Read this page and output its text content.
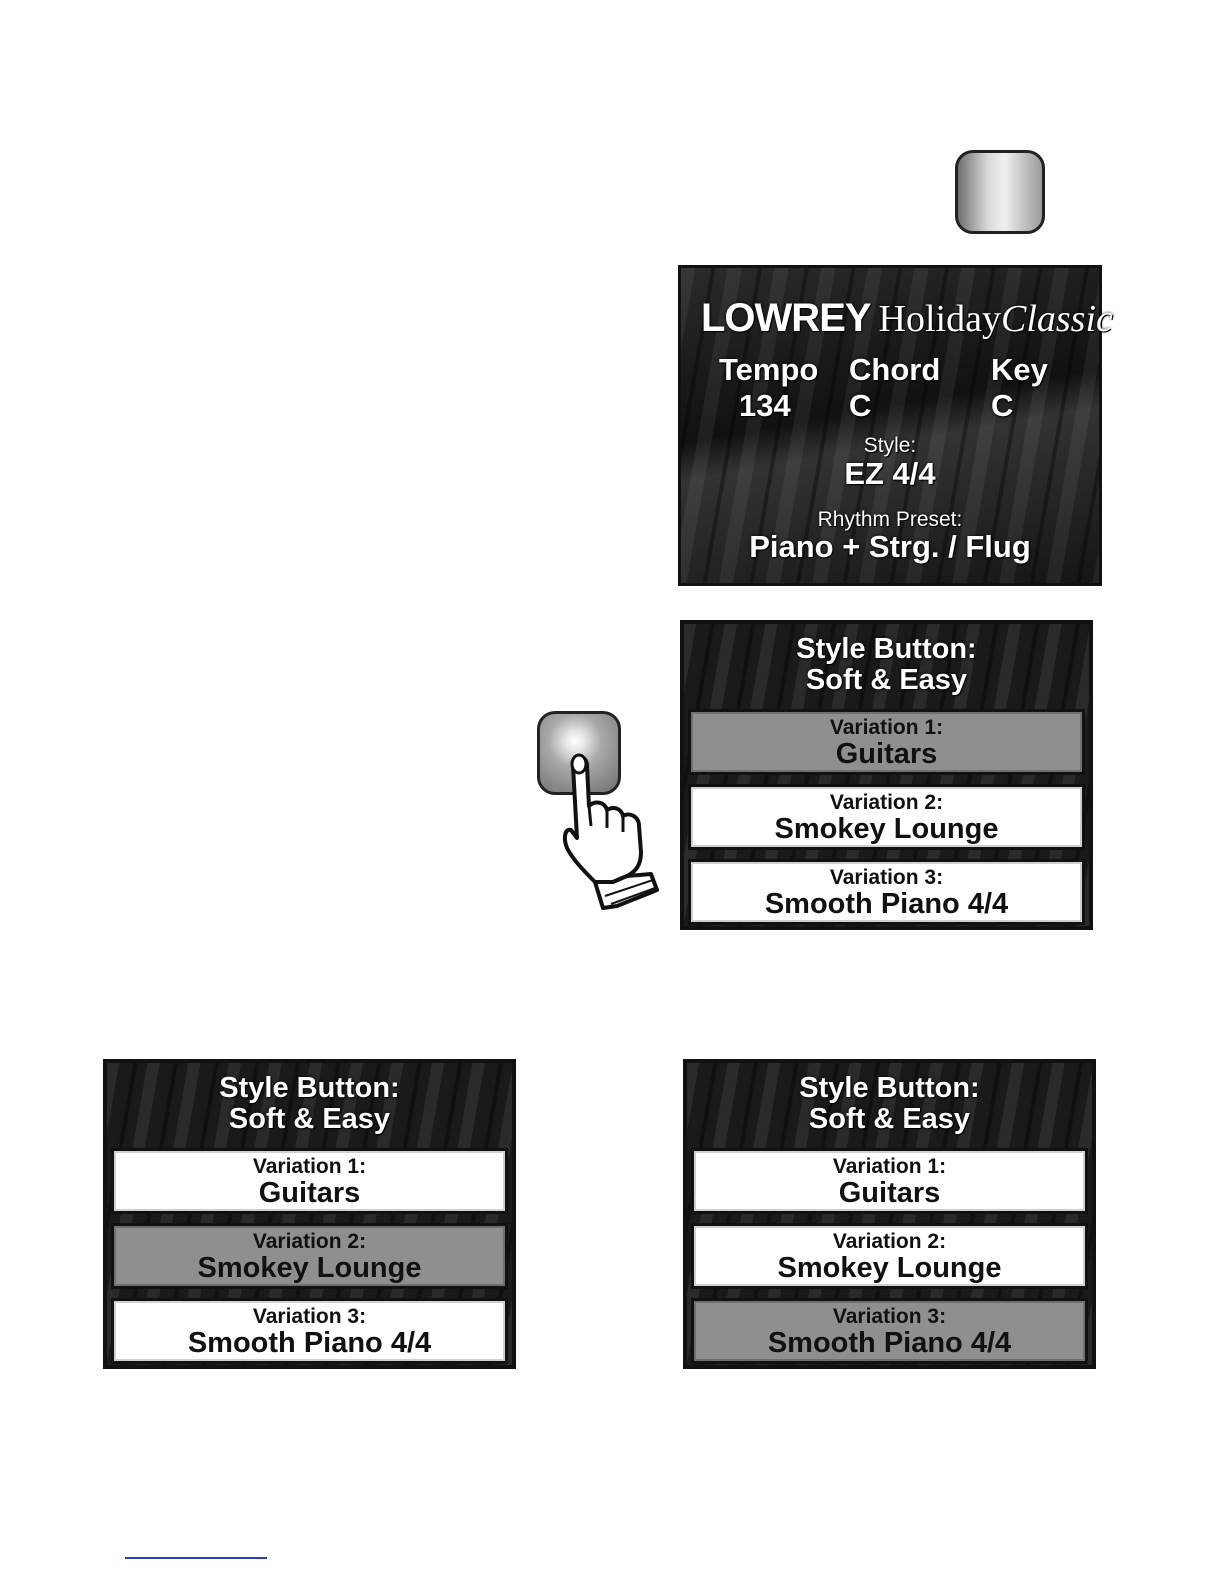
LOWREY HolidayClassic
Tempo
134
Chord
C
Key
C
Style:
EZ 4/4
Rhythm Preset:
Piano + Strg. / Flug
Style Button:
Soft & Easy
Variation 1:
Guitars
Variation 2:
Smokey Lounge
Variation 3:
Smooth Piano 4/4
Style Button:
Soft & Easy
Variation 1:
Guitars
Variation 2:
Smokey Lounge
Variation 3:
Smooth Piano 4/4
Style Button:
Soft & Easy
Variation 1:
Guitars
Variation 2:
Smokey Lounge
Variation 3:
Smooth Piano 4/4
